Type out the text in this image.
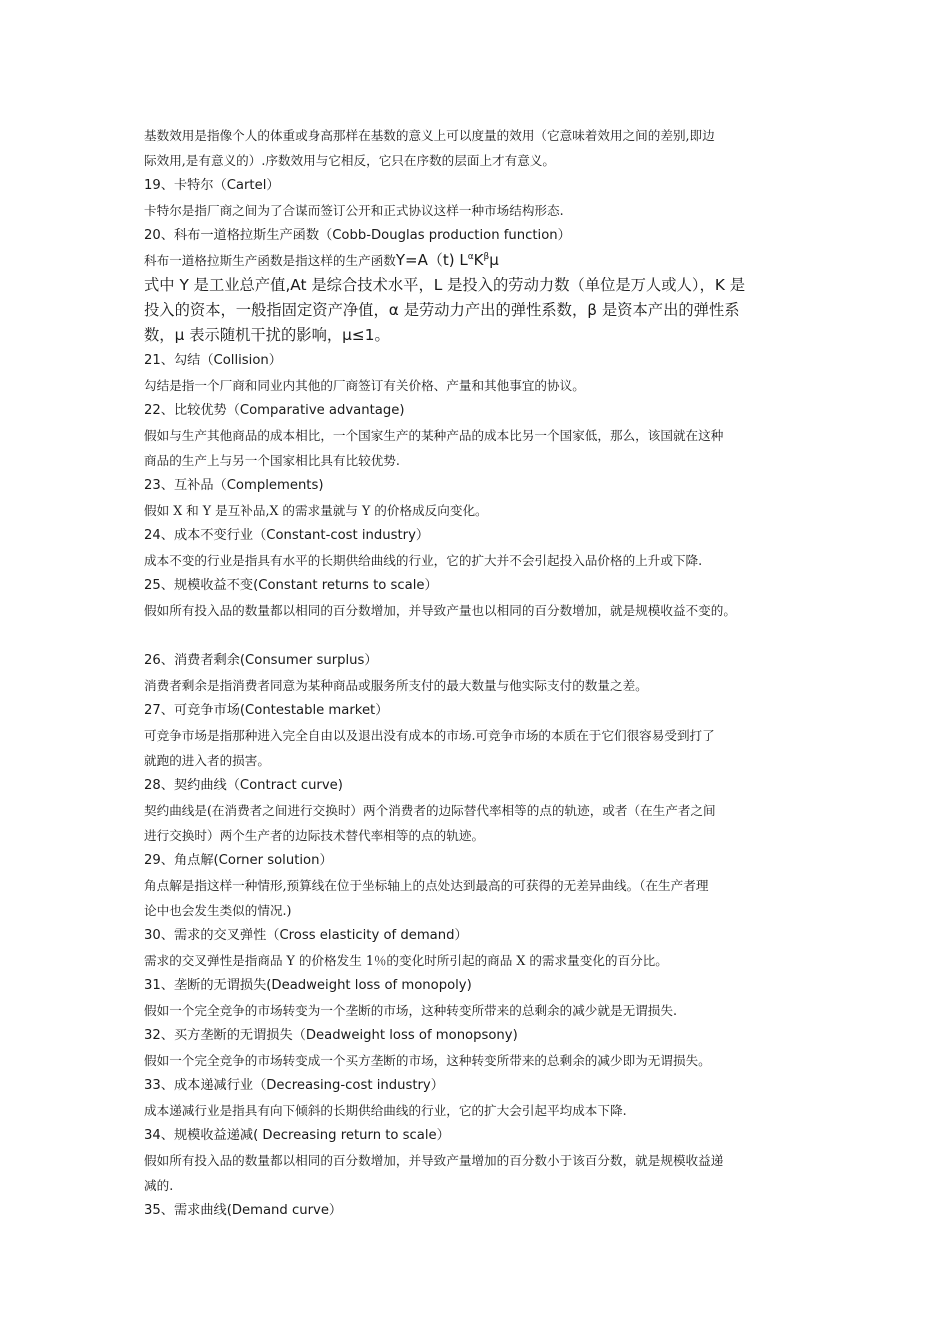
基数效用是指像个人的体重或身高那样在基数的意义上可以度量的效用（它意味着效用之间的差别,即边
际效用,是有意义的）.序数效用与它相反，它只在序数的层面上才有意义。
19、卡特尔（Cartel）
卡特尔是指厂商之间为了合谋而签订公开和正式协议这样一种市场结构形态.
20、科布一道格拉斯生产函数（Cobb-Douglas production function）
科布一道格拉斯生产函数是指这样的生产函数Y=A（t) $L^\alpha K^\beta\mu$
式中 Y 是工业总产值,At 是综合技术水平，L 是投入的劳动力数（单位是万人或人），K 是
投入的资本，一般指固定资产净值，α 是劳动力产出的弹性系数，β 是资本产出的弹性系
数，μ 表示随机干扰的影响，μ≤1。
21、勾结（Collision）
勾结是指一个厂商和同业内其他的厂商签订有关价格、产量和其他事宜的协议。
22、比较优势（Comparative advantage)
假如与生产其他商品的成本相比，一个国家生产的某种产品的成本比另一个国家低，那么，该国就在这种
商品的生产上与另一个国家相比具有比较优势.
23、互补品（Complements)
假如 X 和 Y 是互补品,X 的需求量就与 Y 的价格成反向变化。
24、成本不变行业（Constant-cost industry）
成本不变的行业是指具有水平的长期供给曲线的行业，它的扩大并不会引起投入品价格的上升或下降.
25、规模收益不变(Constant returns to scale）
假如所有投入品的数量都以相同的百分数增加，并导致产量也以相同的百分数增加，就是规模收益不变的。
26、消费者剩余(Consumer surplus）
消费者剩余是指消费者同意为某种商品或服务所支付的最大数量与他实际支付的数量之差。
27、可竞争市场(Contestable market）
可竞争市场是指那种进入完全自由以及退出没有成本的市场.可竞争市场的本质在于它们很容易受到打了
就跑的进入者的损害。
28、契约曲线（Contract curve)
契约曲线是(在消费者之间进行交换时）两个消费者的边际替代率相等的点的轨迹，或者（在生产者之间
进行交换时）两个生产者的边际技术替代率相等的点的轨迹。
29、角点解(Corner solution）
角点解是指这样一种情形,预算线在位于坐标轴上的点处达到最高的可获得的无差异曲线。（在生产者理
论中也会发生类似的情况.)
30、需求的交叉弹性（Cross elasticity of demand）
需求的交叉弹性是指商品 Y 的价格发生 1％的变化时所引起的商品 X 的需求量变化的百分比。
31、垄断的无谓损失(Deadweight loss of monopoly)
假如一个完全竞争的市场转变为一个垄断的市场，这种转变所带来的总剩余的减少就是无谓损失.
32、买方垄断的无谓损失（Deadweight loss of monopsony)
假如一个完全竞争的市场转变成一个买方垄断的市场，这种转变所带来的总剩余的减少即为无谓损失。
33、成本递减行业（Decreasing-cost industry）
成本递减行业是指具有向下倾斜的长期供给曲线的行业，它的扩大会引起平均成本下降.
34、规模收益递减( Decreasing return to scale）
假如所有投入品的数量都以相同的百分数增加，并导致产量增加的百分数小于该百分数，就是规模收益递
减的.
35、需求曲线(Demand curve）
